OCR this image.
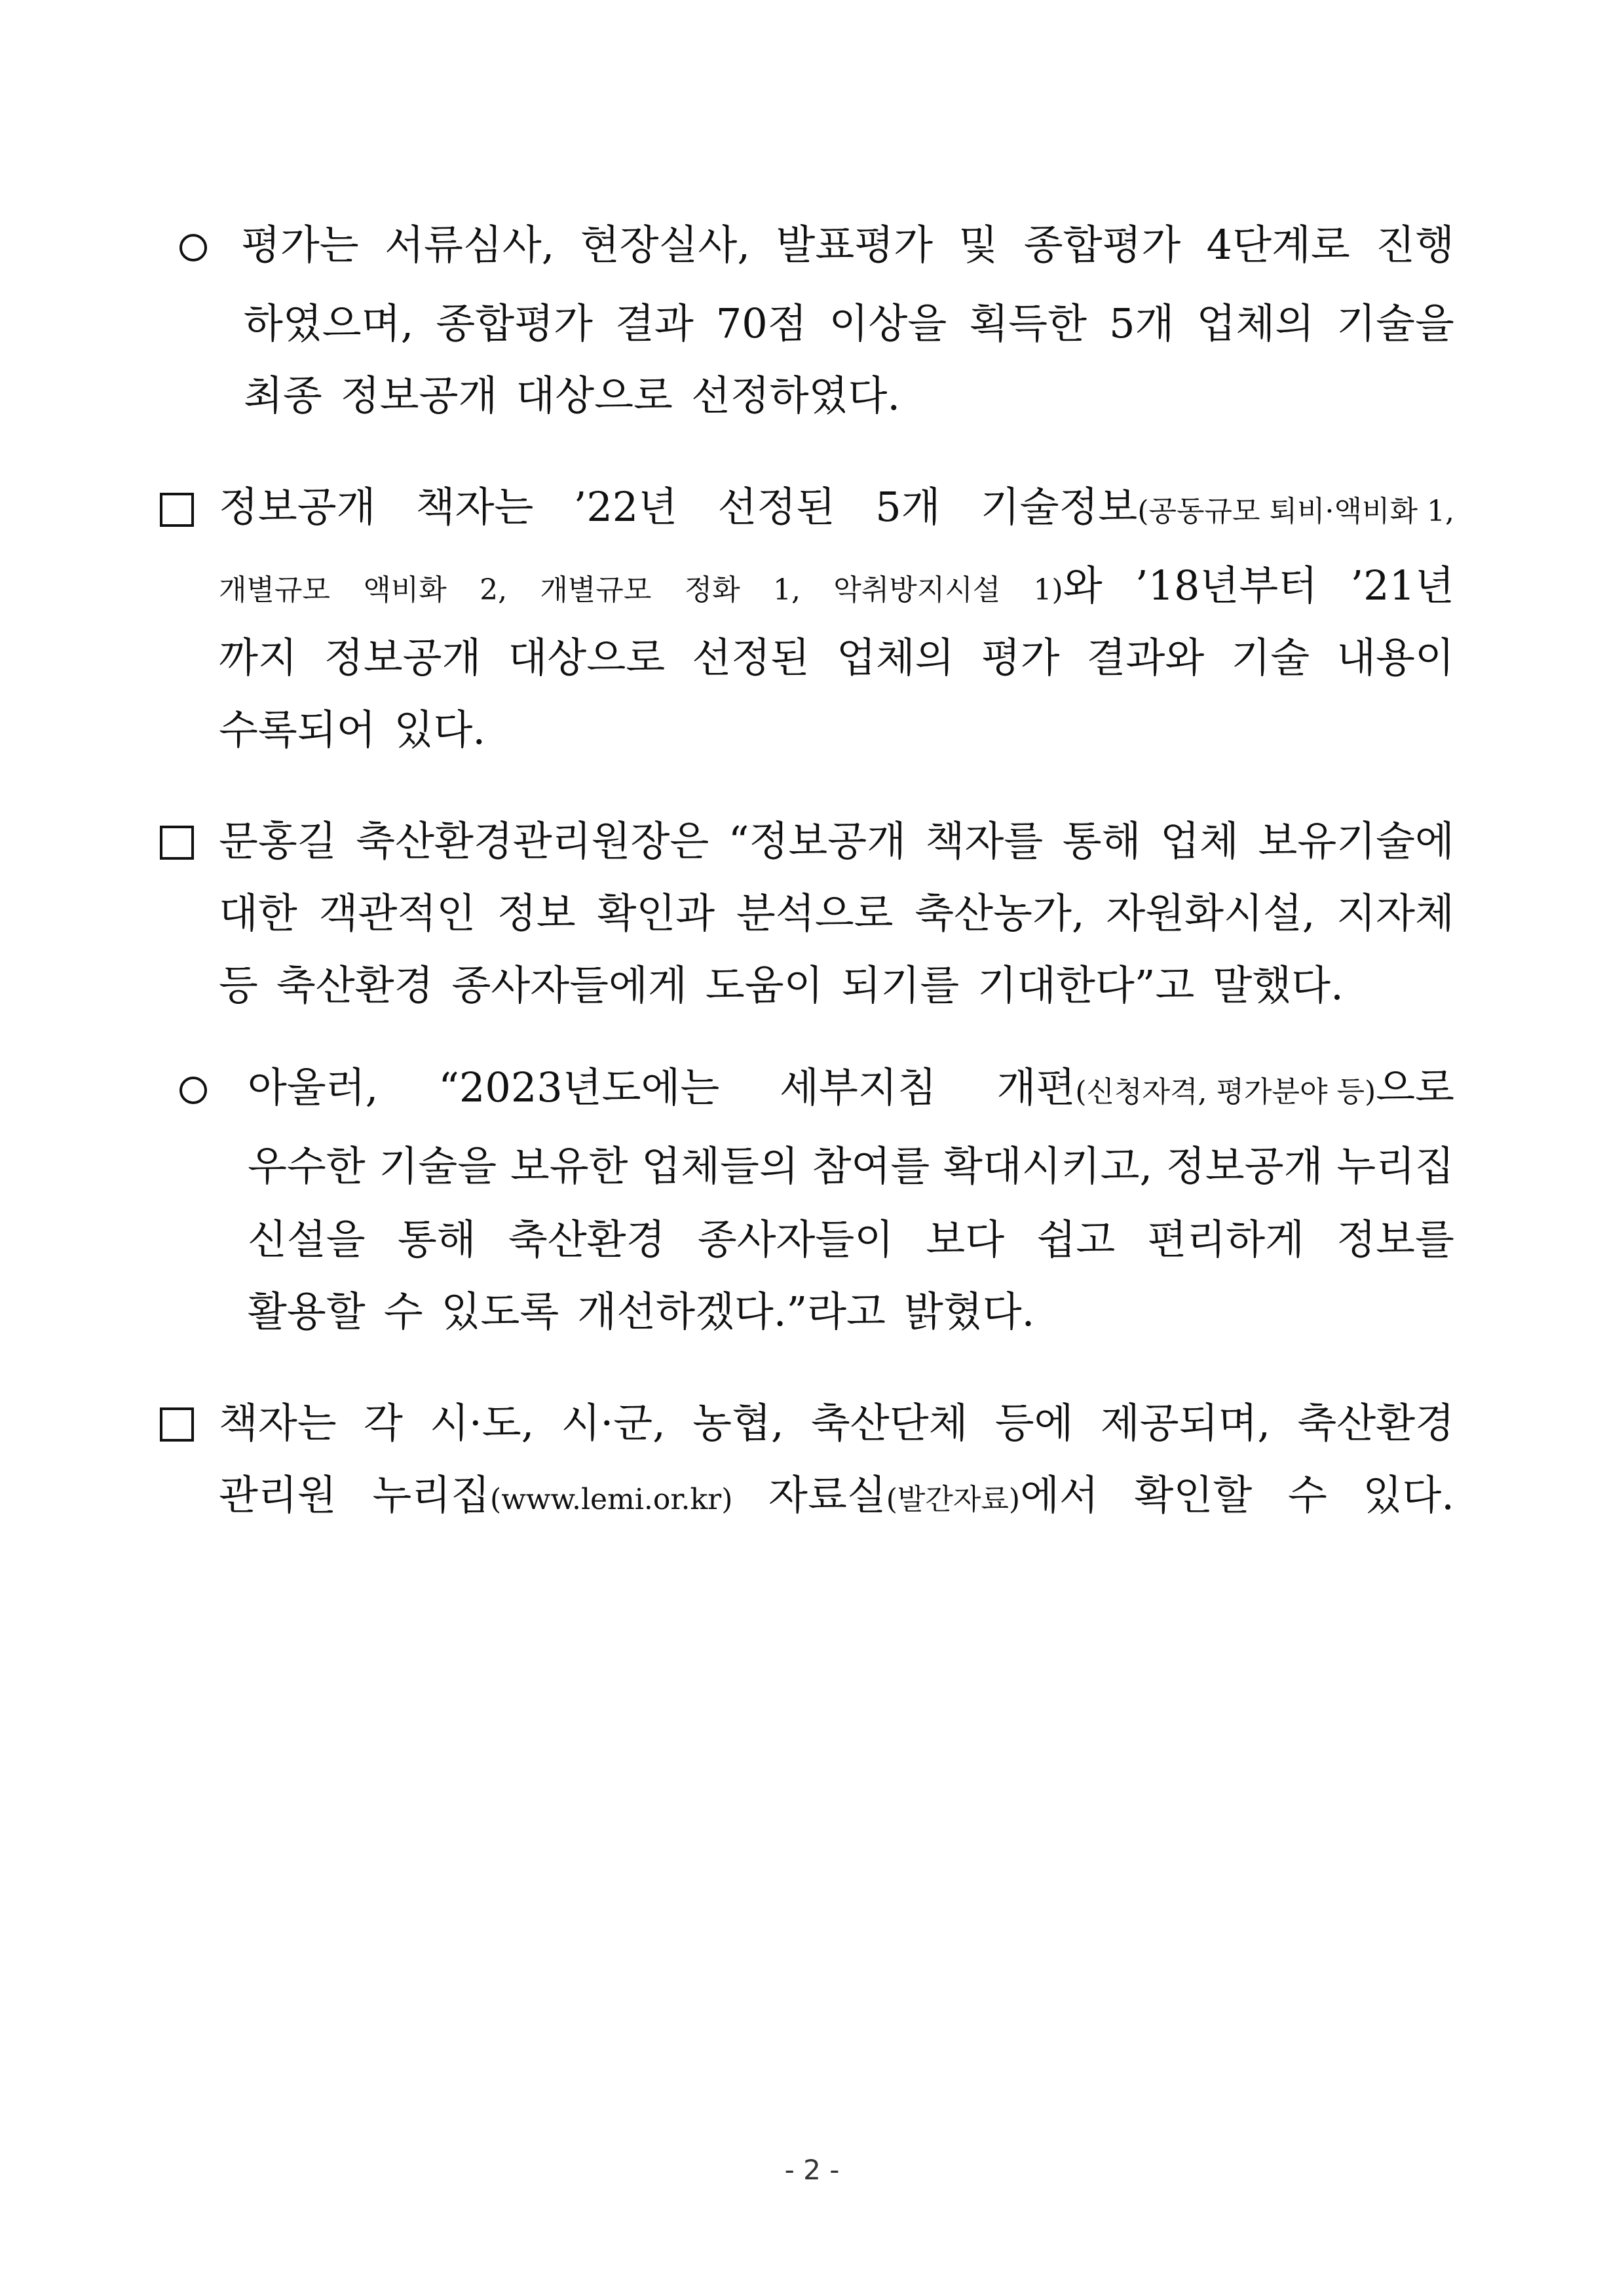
평가는 서류심사, 현장실사, 발표평가 및 종합평가 4단계로 진행
하였으며, 종합평가 결과 70점 이상을 획득한 5개 업체의 기술을
최종 정보공개 대상으로 선정하였다.
정보공개 책자는 ’22년 선정된 5개 기술정보(공동규모 퇴비·액비화 1,
개별규모 액비화 2, 개별규모 정화 1, 악취방지시설 1)와 ’18년부터 ’21년
까지 정보공개 대상으로 선정된 업체의 평가 결과와 기술 내용이
수록되어 있다.
문홍길 축산환경관리원장은 “정보공개 책자를 통해 업체 보유기술에
대한 객관적인 정보 확인과 분석으로 축산농가, 자원화시설, 지자체
등 축산환경 종사자들에게 도움이 되기를 기대한다”고 말했다.
아울러, “2023년도에는 세부지침 개편(신청자격, 평가분야 등)으로
우수한 기술을 보유한 업체들의 참여를 확대시키고, 정보공개 누리집
신설을 통해 축산환경 종사자들이 보다 쉽고 편리하게 정보를
활용할 수 있도록 개선하겠다.”라고 밝혔다.
책자는 각 시·도, 시·군, 농협, 축산단체 등에 제공되며, 축산환경
관리원 누리집(www.lemi.or.kr) 자료실(발간자료)에서 확인할 수 있다.
- 2 -
